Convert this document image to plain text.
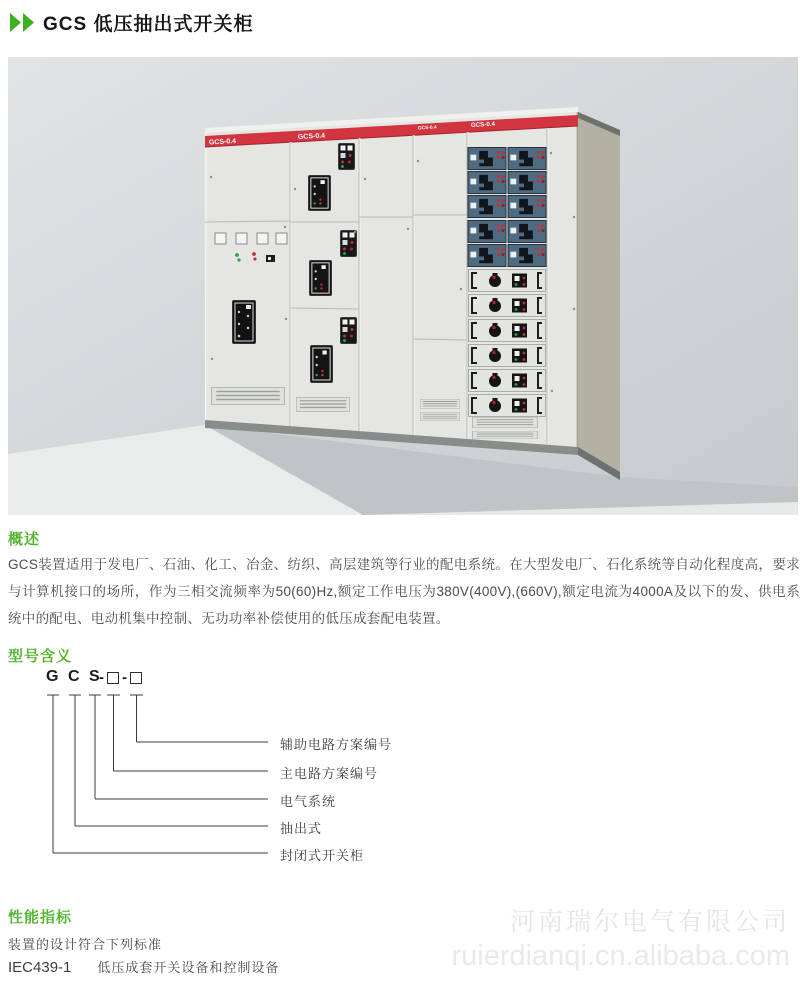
GCS 低压抽出式开关柜
GCS-0.4
GCS-0.4
GCS-0.4	GCS-0.4
概述
GCS装置适用于发电厂、石油、化工、冶金、纺织、高层建筑等行业的配电系统。在大型发电厂、石化系统等自动化程度高，要求与计算机接口的场所，作为三相交流频率为50(60)Hz,额定工作电压为380V(400V),(660V),额定电流为4000A及以下的发、供电系统中的配电、电动机集中控制、无功功率补偿使用的低压成套配电装置。
型号含义
G C S - -
辅助电路方案编号
主电路方案编号
电气系统
抽出式
封闭式开关柜
性能指标
装置的设计符合下列标准
IEC439-1 低压成套开关设备和控制设备
河南瑞尔电气有限公司
ruierdianqi.cn.alibaba.com
